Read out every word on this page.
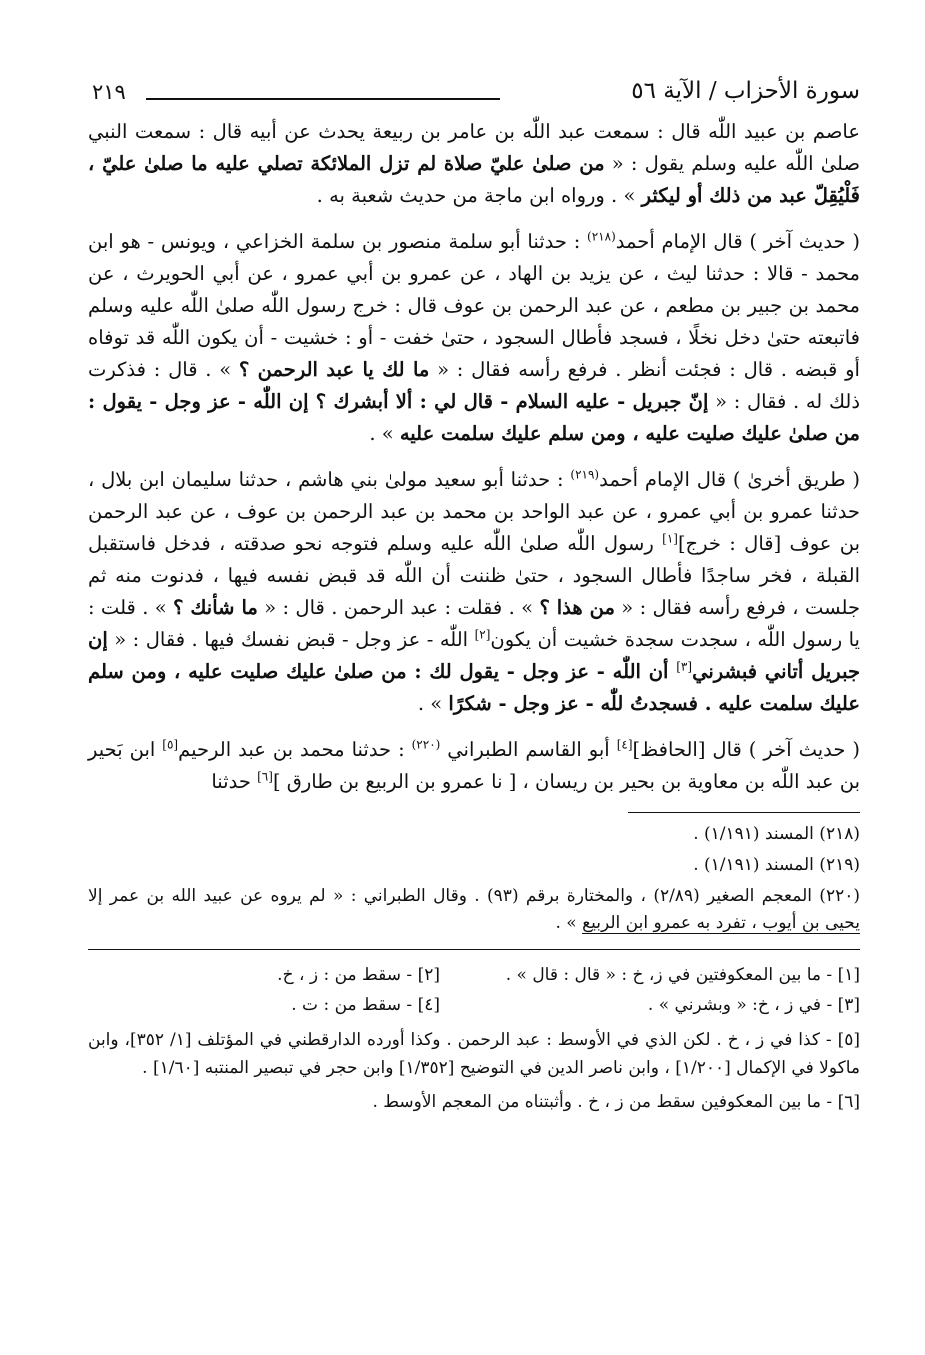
سورة الأحزاب / الآية ٥٦
٢١٩

عاصم بن عبيد اللّٰه قال : سمعت عبد اللّٰه بن عامر بن ربيعة يحدث عن أبيه قال : سمعت النبي صلىٰ اللّٰه عليه وسلم يقول : « من صلىٰ عليّ صلاة لم تزل الملائكة تصلي عليه ما صلىٰ عليّ ، فَلْيُقِلّ عبد من ذلك أو ليكثر » . ورواه ابن ماجة من حديث شعبة به .

( حديث آخر ) قال الإمام أحمد$^{(٢١٨)}$ : حدثنا أبو سلمة منصور بن سلمة الخزاعي ، ويونس - هو ابن محمد - قالا : حدثنا ليث ، عن يزيد بن الهاد ، عن عمرو بن أبي عمرو ، عن أبي الحويرث ، عن محمد بن جبير بن مطعم ، عن عبد الرحمن بن عوف قال : خرج رسول اللّٰه صلىٰ اللّٰه عليه وسلم فاتبعته حتىٰ دخل نخلًا ، فسجد فأطال السجود ، حتىٰ خفت - أو : خشيت - أن يكون اللّٰه قد توفاه أو قبضه . قال : فجئت أنظر . فرفع رأسه فقال : « ما لك يا عبد الرحمن ؟ » . قال : فذكرت ذلك له . فقال : « إنّ جبريل - عليه السلام - قال لي : ألا أبشرك ؟ إن اللّٰه - عز وجل - يقول : من صلىٰ عليك صليت عليه ، ومن سلم عليك سلمت عليه » .

( طريق أخرىٰ ) قال الإمام أحمد$^{(٢١٩)}$ : حدثنا أبو سعيد مولىٰ بني هاشم ، حدثنا سليمان ابن بلال ، حدثنا عمرو بن أبي عمرو ، عن عبد الواحد بن محمد بن عبد الرحمن بن عوف ، عن عبد الرحمن بن عوف [قال : خرج][١] رسول اللّٰه صلىٰ اللّٰه عليه وسلم فتوجه نحو صدقته ، فدخل فاستقبل القبلة ، فخر ساجدًا فأطال السجود ، حتىٰ ظننت أن اللّٰه قد قبض نفسه فيها ، فدنوت منه ثم جلست ، فرفع رأسه فقال : « من هذا ؟ » . فقلت : عبد الرحمن . قال : « ما شأنك ؟ » . قلت : يا رسول اللّٰه ، سجدت سجدة خشيت أن يكون[٢] اللّٰه - عز وجل - قبض نفسك فيها . فقال : « إن جبريل أتاني فبشرني[٣] أن اللّٰه - عز وجل - يقول لك : من صلىٰ عليك صليت عليه ، ومن سلم عليك سلمت عليه . فسجدتُ للّٰه - عز وجل - شكرًا » .

( حديث آخر ) قال [الحافظ][٤] أبو القاسم الطبراني $^{(٢٢٠)}$ : حدثنا محمد بن عبد الرحيم[٥] ابن بَحير بن عبد اللّٰه بن معاوية بن بحير بن ريسان ، [ نا عمرو بن الربيع بن طارق ][٦] حدثنا

(٢١٨) المسند (١/١٩١) .

(٢١٩) المسند (١/١٩١) .

(٢٢٠) المعجم الصغير (٢/٨٩) ، والمختارة برقم (٩٣) . وقال الطبراني : « لم يروه عن عبيد الله بن عمر إلا يحيى بن أيوب ، تفرد به عمرو ابن الربيع » .

[١] - ما بين المعكوفتين في ز، خ : « قال : قال » .
[٢] - سقط من : ز ، خ.
[٣] - في ز ، خ: « وبشرني » .
[٤] - سقط من : ت .

[٥] - كذا في ز ، خ . لكن الذي في الأوسط : عبد الرحمن . وكذا أورده الدارقطني في المؤتلف [١/ ٣٥٢]، وابن ماكولا في الإكمال [١/٢٠٠] ، وابن ناصر الدين في التوضيح [١/٣٥٢] وابن حجر في تبصير المنتبه [١/٦٠] .

[٦] - ما بين المعكوفين سقط من ز ، خ . وأثبتناه من المعجم الأوسط .
